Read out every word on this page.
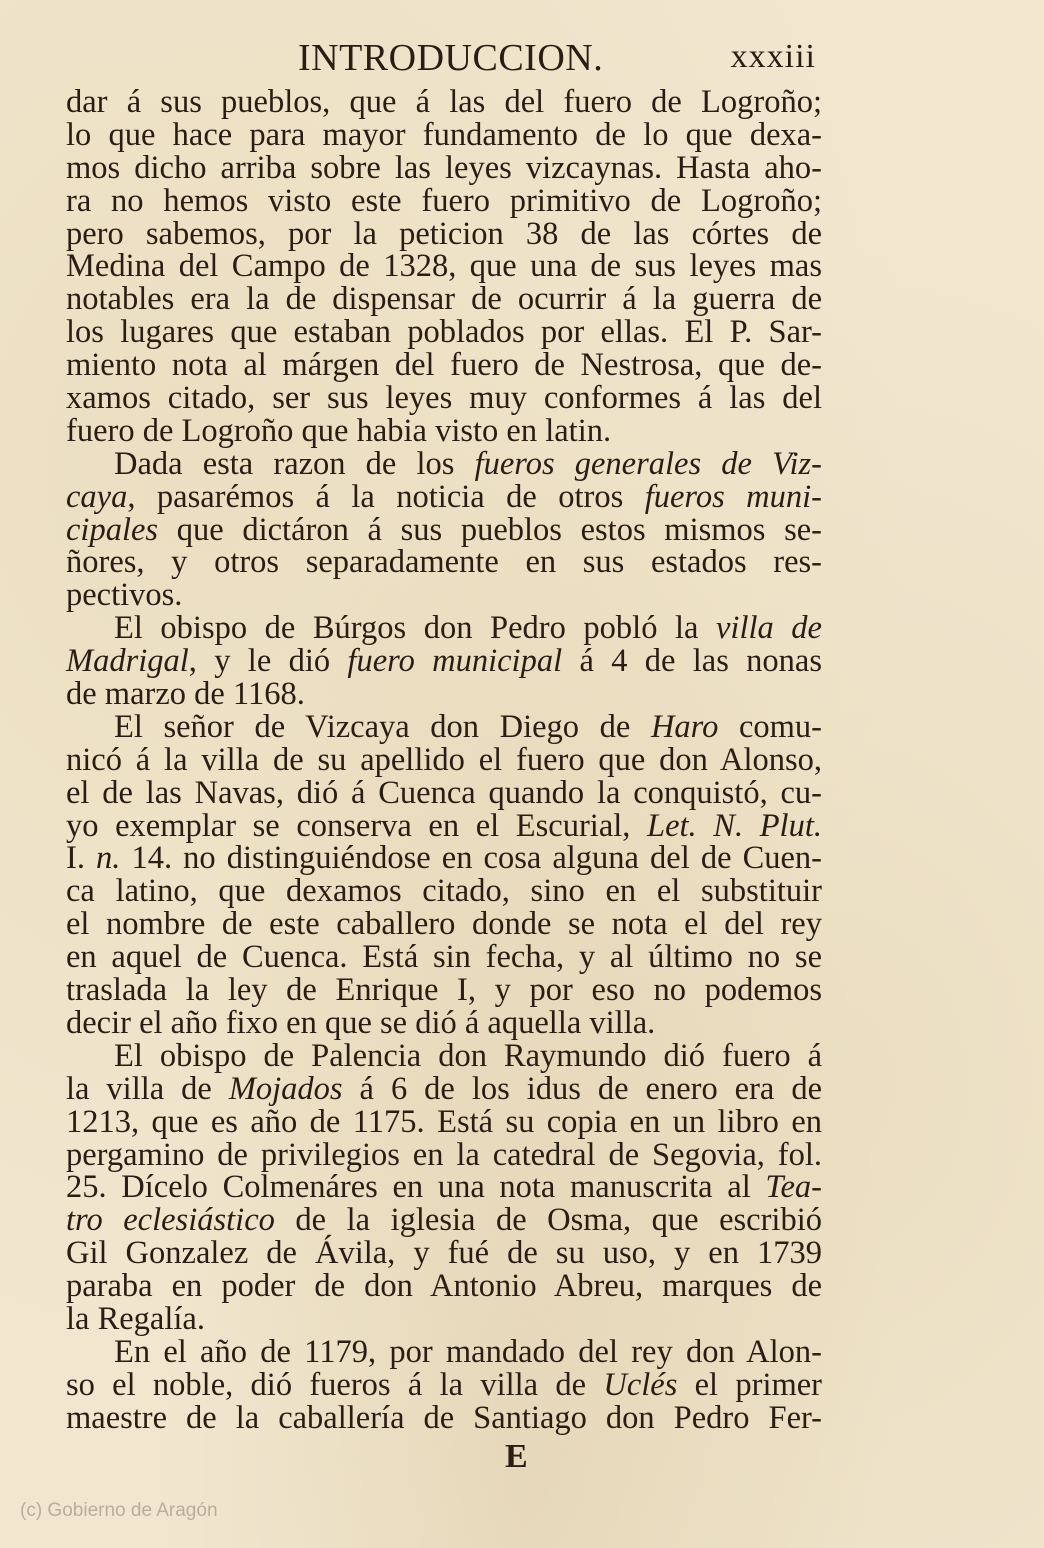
INTRODUCCION.	xxxiii
dar á sus pueblos, que á las del fuero de Logroño;
lo que hace para mayor fundamento de lo que dexa-
mos dicho arriba sobre las leyes vizcaynas. Hasta aho-
ra no hemos visto este fuero primitivo de Logroño;
pero sabemos, por la peticion 38 de las córtes de
Medina del Campo de 1328, que una de sus leyes mas
notables era la de dispensar de ocurrir á la guerra de
los lugares que estaban poblados por ellas. El P. Sar-
miento nota al márgen del fuero de Nestrosa, que de-
xamos citado, ser sus leyes muy conformes á las del
fuero de Logroño que habia visto en latin.
Dada esta razon de los fueros generales de Viz-
caya, pasarémos á la noticia de otros fueros muni-
cipales que dictáron á sus pueblos estos mismos se-
ñores, y otros separadamente en sus estados res-
pectivos.
El obispo de Búrgos don Pedro pobló la villa de
Madrigal, y le dió fuero municipal á 4 de las nonas
de marzo de 1168.
El señor de Vizcaya don Diego de Haro comu-
nicó á la villa de su apellido el fuero que don Alonso,
el de las Navas, dió á Cuenca quando la conquistó, cu-
yo exemplar se conserva en el Escurial, Let. N. Plut.
I. n. 14. no distinguiéndose en cosa alguna del de Cuen-
ca latino, que dexamos citado, sino en el substituir
el nombre de este caballero donde se nota el del rey
en aquel de Cuenca. Está sin fecha, y al último no se
traslada la ley de Enrique I, y por eso no podemos
decir el año fixo en que se dió á aquella villa.
El obispo de Palencia don Raymundo dió fuero á
la villa de Mojados á 6 de los idus de enero era de
1213, que es año de 1175. Está su copia en un libro en
pergamino de privilegios en la catedral de Segovia, fol.
25. Dícelo Colmenáres en una nota manuscrita al Tea-
tro eclesiástico de la iglesia de Osma, que escribió
Gil Gonzalez de Ávila, y fué de su uso, y en 1739
paraba en poder de don Antonio Abreu, marques de
la Regalía.
En el año de 1179, por mandado del rey don Alon-
so el noble, dió fueros á la villa de Uclés el primer
maestre de la caballería de Santiago don Pedro Fer-
E
(c) Gobierno de Aragón
